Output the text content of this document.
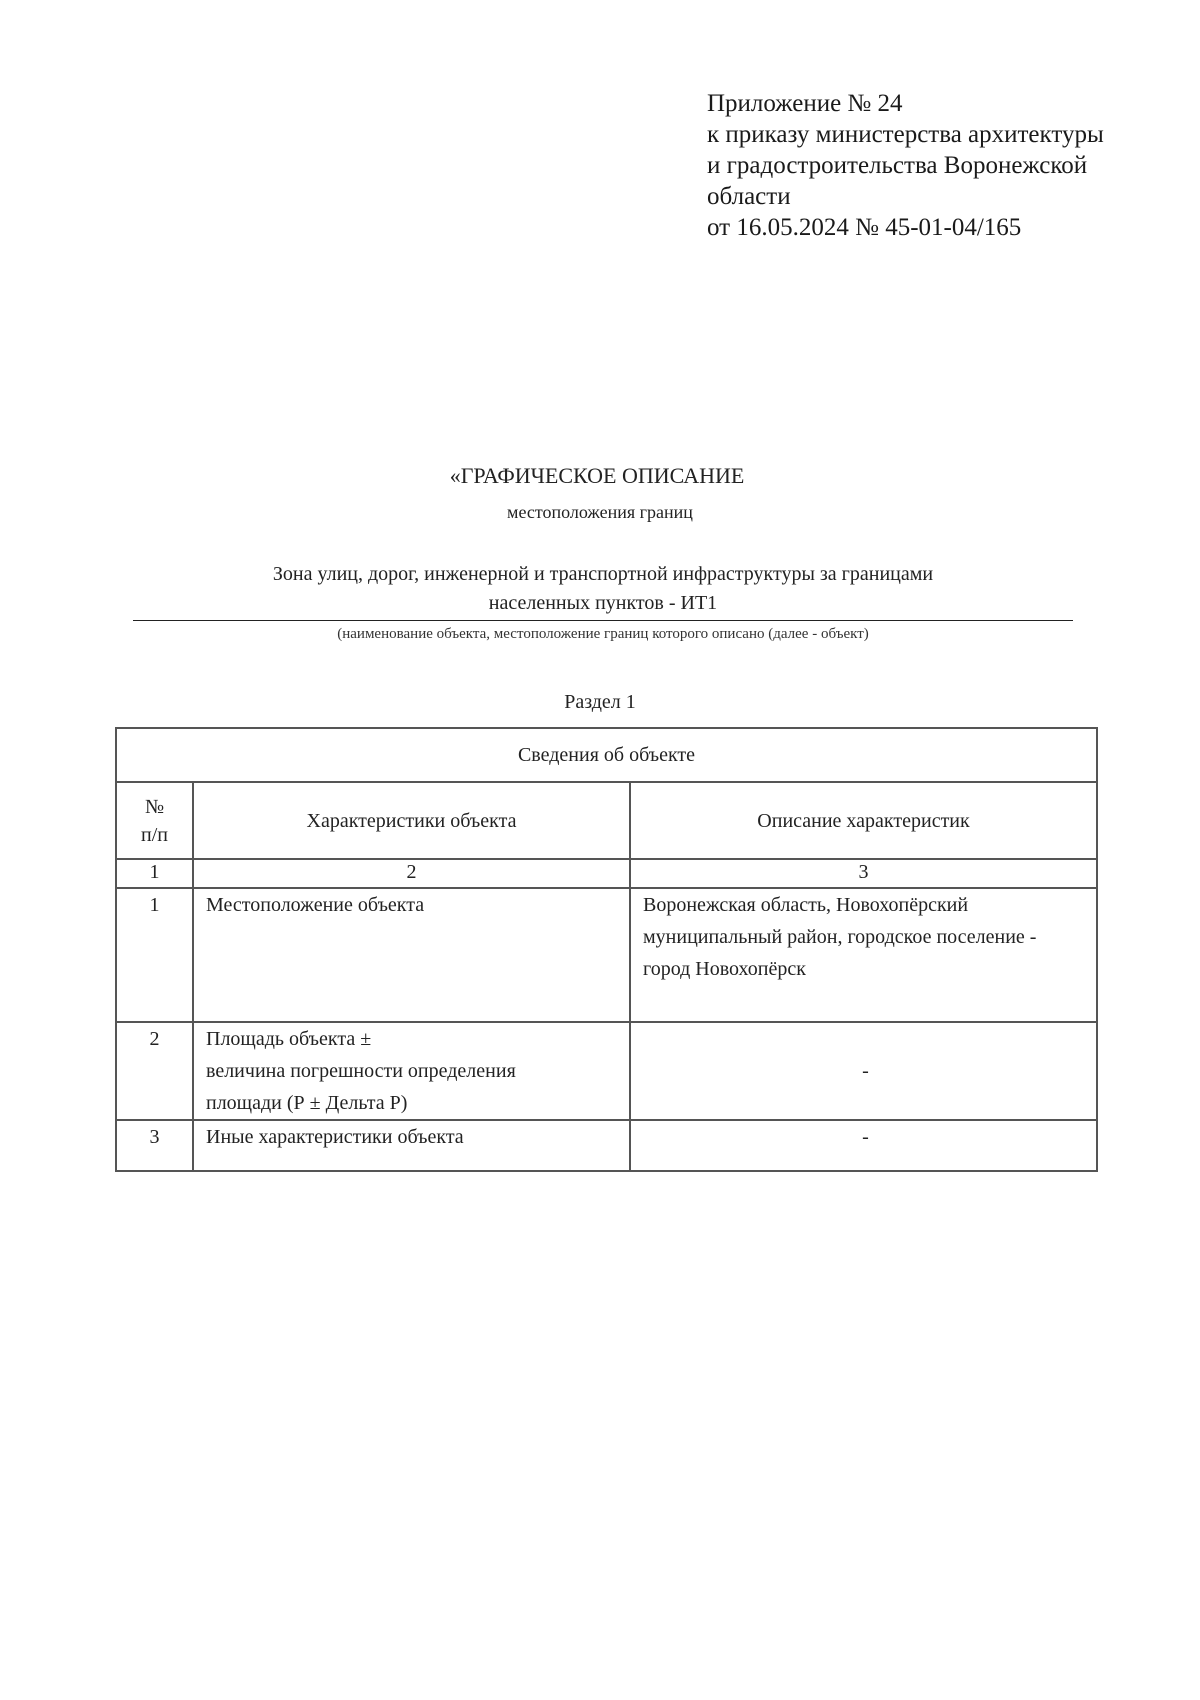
Приложение № 24
к приказу министерства архитектуры
и градостроительства Воронежской
области
от 16.05.2024 № 45-01-04/165
«ГРАФИЧЕСКОЕ ОПИСАНИЕ
местоположения границ
Зона улиц, дорог, инженерной и транспортной инфраструктуры за границами
населенных пунктов - ИТ1
(наименование объекта, местоположение границ которого описано (далее - объект)
Раздел 1
Сведения об объекте		

№
п/п	Характеристики объекта	Описание характеристик
1	2	3
1	Местоположение объекта	Воронежская область, Новохопёрский муниципальный район, городское поселение - город Новохопёрск
2	Площадь объекта ±
величина погрешности определения
площади (Р ± Дельта Р)	-
3	Иные характеристики объекта	-
